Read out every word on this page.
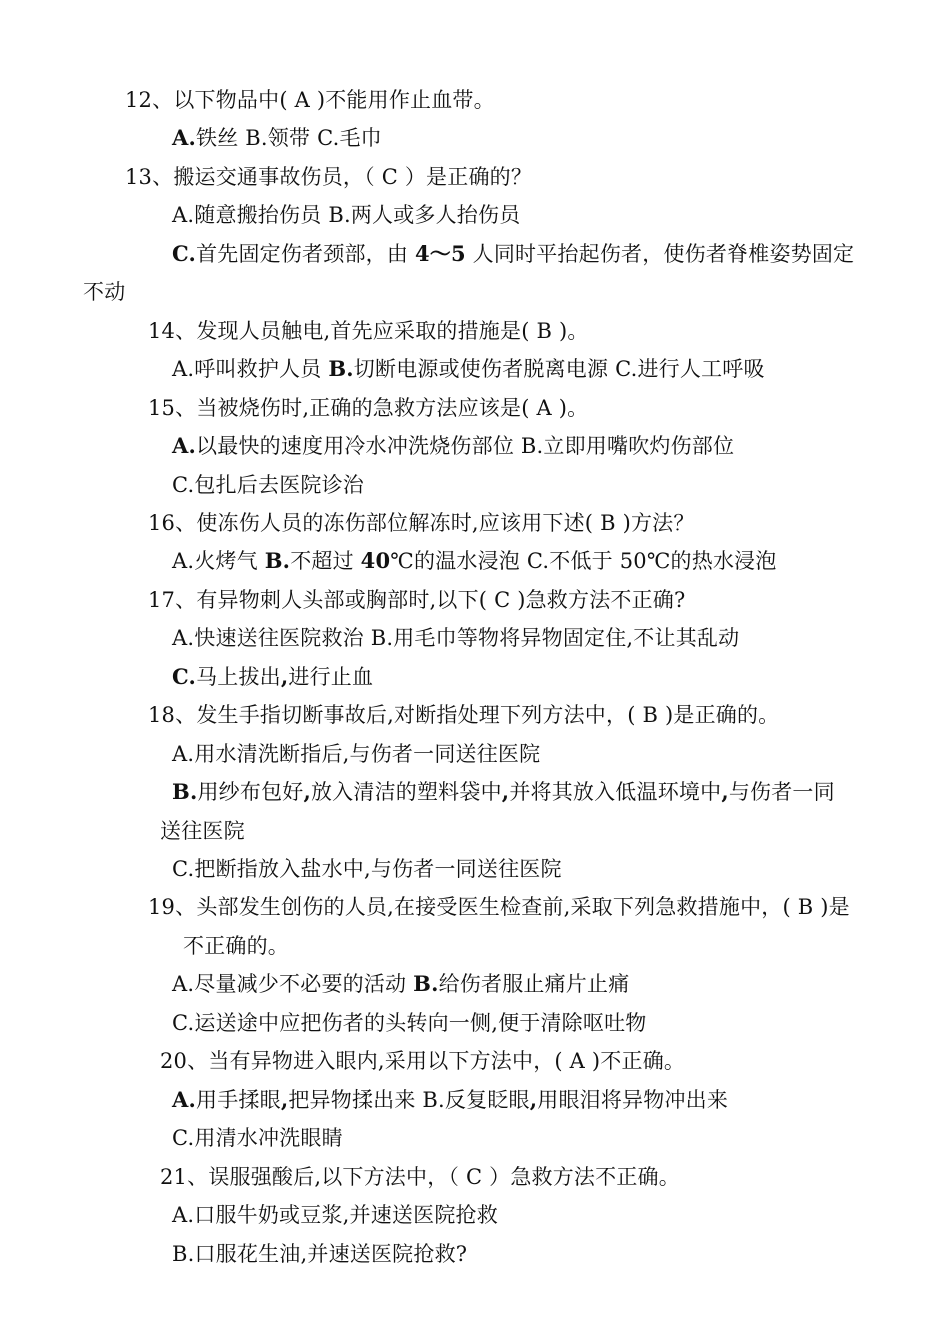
12、以下物品中( A )不能用作止血带。
A.铁丝 B.领带 C.毛巾
13、搬运交通事故伤员，（ C ）是正确的？
A.随意搬抬伤员 B.两人或多人抬伤员
C.首先固定伤者颈部，由 4～5 人同时平抬起伤者，使伤者脊椎姿势固定
不动
14、发现人员触电,首先应采取的措施是( B )。
A.呼叫救护人员 B.切断电源或使伤者脱离电源 C.进行人工呼吸
15、当被烧伤时,正确的急救方法应该是( A )。
A.以最快的速度用冷水冲洗烧伤部位 B.立即用嘴吹灼伤部位
C.包扎后去医院诊治
16、使冻伤人员的冻伤部位解冻时,应该用下述( B )方法？
A.火烤气 B.不超过 40℃的温水浸泡 C.不低于 50℃的热水浸泡
17、有异物刺人头部或胸部时,以下( C )急救方法不正确?
A.快速送往医院救治 B.用毛巾等物将异物固定住,不让其乱动
C.马上拔出,进行止血
18、发生手指切断事故后,对断指处理下列方法中，( B )是正确的。
A.用水清洗断指后,与伤者一同送往医院
B.用纱布包好,放入清洁的塑料袋中,并将其放入低温环境中,与伤者一同
送往医院
C.把断指放入盐水中,与伤者一同送往医院
19、头部发生创伤的人员,在接受医生检查前,采取下列急救措施中，( B )是
不正确的。
A.尽量减少不必要的活动 B.给伤者服止痛片止痛
C.运送途中应把伤者的头转向一侧,便于清除呕吐物
20、当有异物进入眼内,采用以下方法中，( A )不正确。
A.用手揉眼,把异物揉出来 B.反复眨眼,用眼泪将异物冲出来
C.用清水冲洗眼睛
21、误服强酸后,以下方法中，（ C ）急救方法不正确。
A.口服牛奶或豆浆,并速送医院抢救
B.口服花生油,并速送医院抢救?
